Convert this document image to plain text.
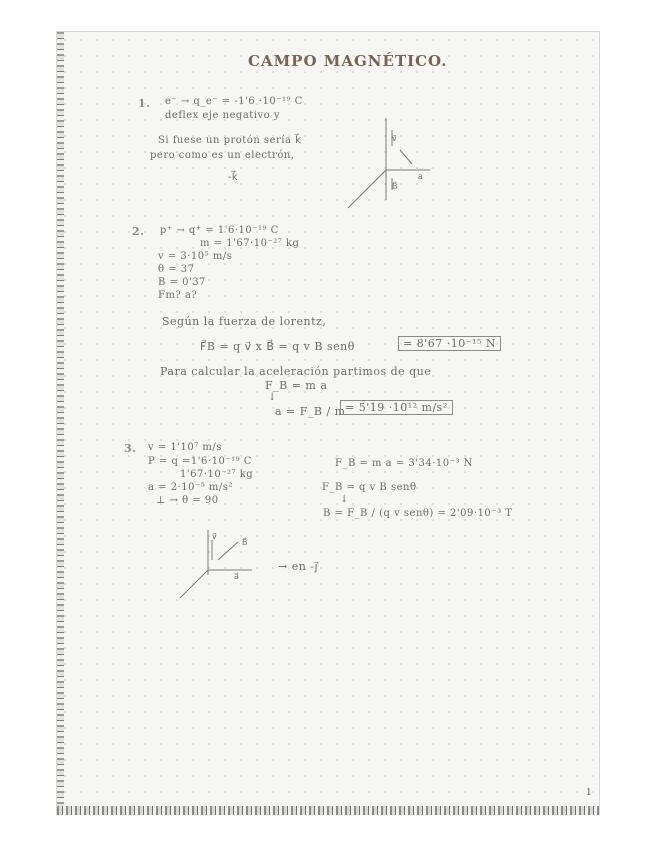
CAMPO MAGNÉTICO.
1. e⁻ → q_e⁻ = -1'6 ·10⁻¹⁹ C
deflex eje negativo y
Si fuese un protón sería k⃗
pero como es un electrón,
-k⃗
v⃗
B⃗
a
2. p⁺ → q⁺ = 1'6·10⁻¹⁹ C
m = 1'67·10⁻²⁷ kg
v = 3·10⁵ m/s
θ = 37
B = 0'37
Fm? a?
Según la fuerza de lorentz,
F⃗B = q v⃗ x B⃗ = q v B senθ	= 8'67 ·10⁻¹⁵ N
Para calcular la aceleración partimos de que
F_B = m a
↓
a = F_B / m = 5'19 ·10¹² m/s²
3. v = 1'10⁷ m/s
P = q =1'6·10⁻¹⁹ C
1'67·10⁻²⁷ kg
a = 2·10⁻⁵ m/s²
⊥ → θ = 90
F_B = m a = 3'34·10⁻³ N
F_B = q v B senθ
↓
B = F_B / (q v senθ) = 2'09·10⁻³ T
v⃗
B⃗
a⃗
→ en -j⃗
1
